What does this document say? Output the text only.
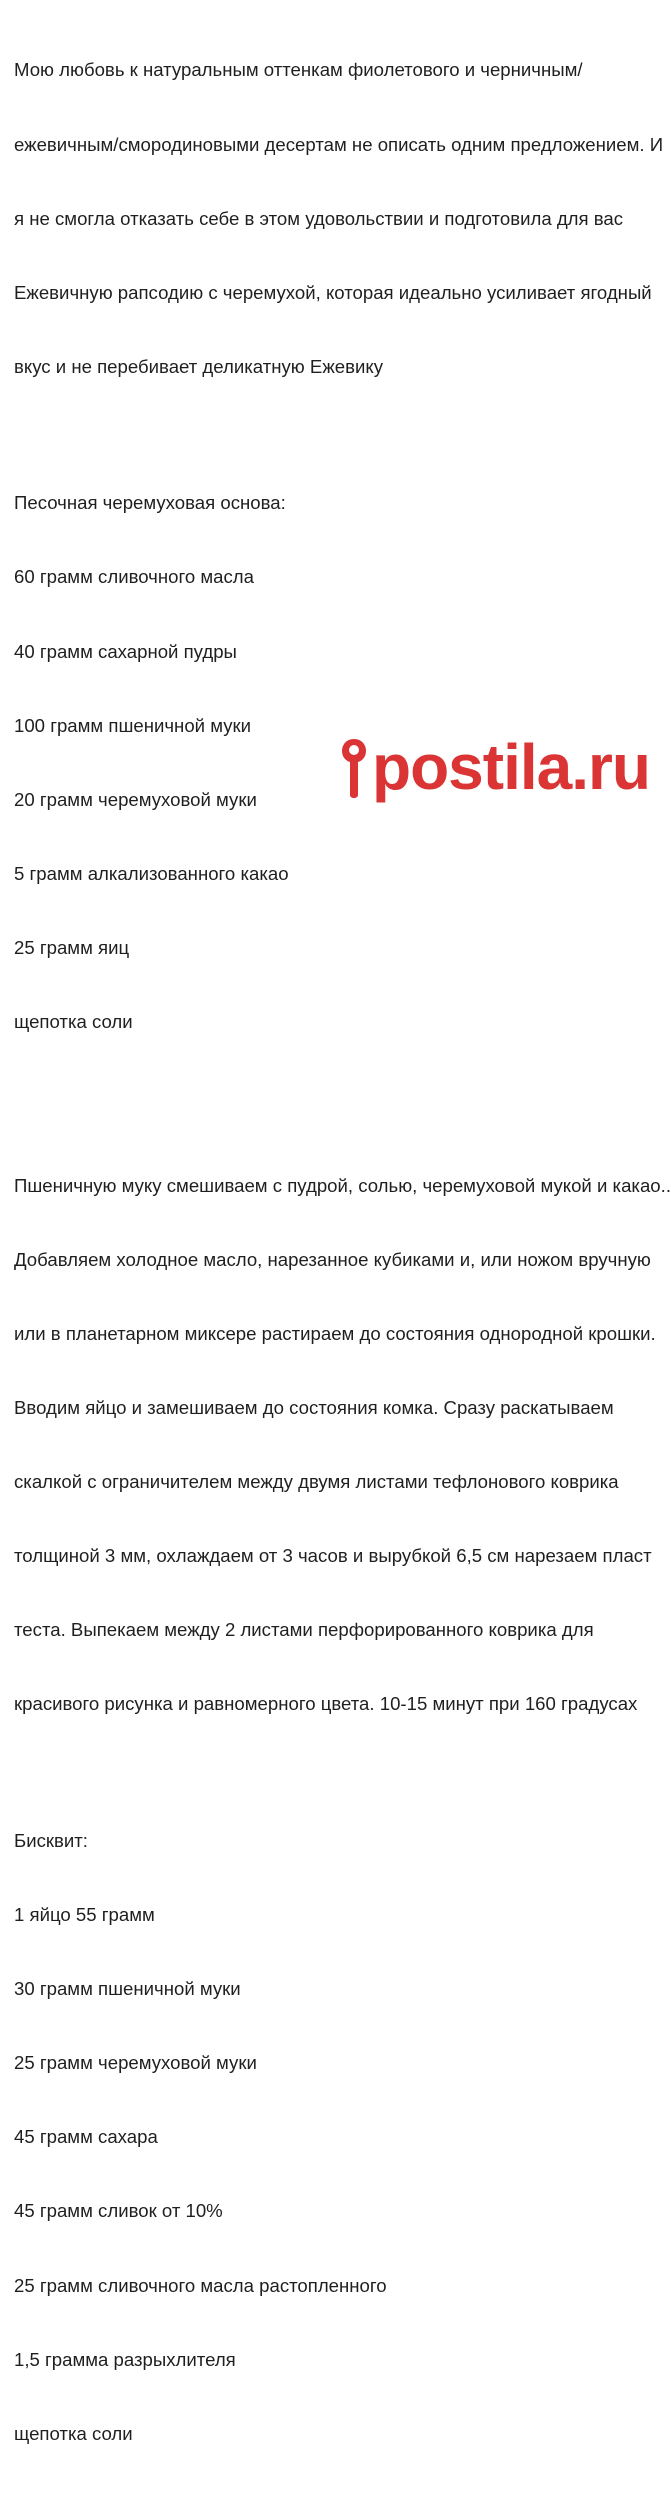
Мою любовь к натуральным оттенкам фиолетового и черничным/

ежевичным/смородиновыми десертам не описать одним предложением. И

я не смогла отказать себе в этом удовольствии и подготовила для вас

Ежевичную рапсодию с черемухой, которая идеально усиливает ягодный

вкус и не перебивает деликатную Ежевику

Песочная черемуховая основа:

60 грамм сливочного масла

40 грамм сахарной пудры

100 грамм пшеничной муки

20 грамм черемуховой муки

5 грамм алкализованного какао

25 грамм яиц

щепотка соли

Пшеничную муку смешиваем с пудрой, солью, черемуховой мукой и какао..

Добавляем холодное масло, нарезанное кубиками и, или ножом вручную

или в планетарном миксере растираем до состояния однородной крошки.

Вводим яйцо и замешиваем до состояния комка. Сразу раскатываем

скалкой с ограничителем между двумя листами тефлонового коврика

толщиной 3 мм, охлаждаем от 3 часов и вырубкой 6,5 см нарезаем пласт

теста. Выпекаем между 2 листами перфорированного коврика для

красивого рисунка и равномерного цвета. 10-15 минут при 160 градусах

Бисквит:

1 яйцо 55 грамм

30 грамм пшеничной муки

25 грамм черемуховой муки

45 грамм сахара

45 грамм сливок от 10%

25 грамм сливочного масла растопленного

1,5 грамма разрыхлителя

щепотка соли

postila.ru
